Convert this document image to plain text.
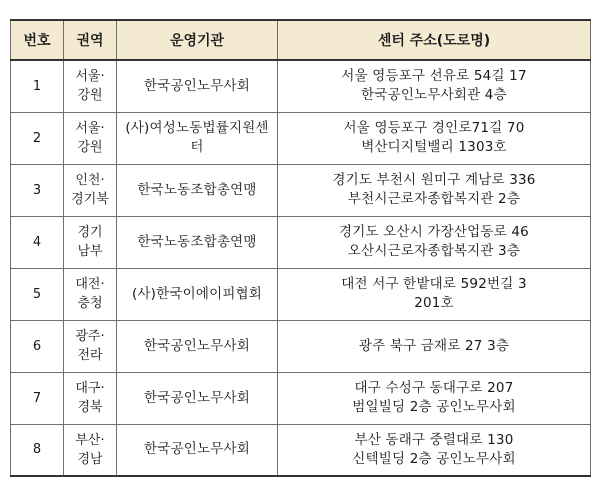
번호	권역	운영기관	센터 주소(도로명)
1	서울·
강원	한국공인노무사회	서울 영등포구 선유로 54길 17
한국공인노무사회관 4층

2	서울·
강원	(사)여성노동법률지원센터	서울 영등포구 경인로71길 70
벽산디지털밸리 1303호

3	인천·
경기북	한국노동조합총연맹	경기도 부천시 원미구 계남로 336
부천시근로자종합복지관 2층

4	경기
남부	한국노동조합총연맹	경기도 오산시 가장산업동로 46
오산시근로자종합복지관 3층

5	대전·
충청	(사)한국이에이피협회	대전 서구 한밭대로 592번길 3
201호

6	광주·
전라	한국공인노무사회	광주 북구 금재로 27 3층

7	대구·
경북	한국공인노무사회	대구 수성구 동대구로 207
범일빌딩 2층 공인노무사회

8	부산·
경남	한국공인노무사회	부산 동래구 중렬대로 130
신텍빌딩 2층 공인노무사회
